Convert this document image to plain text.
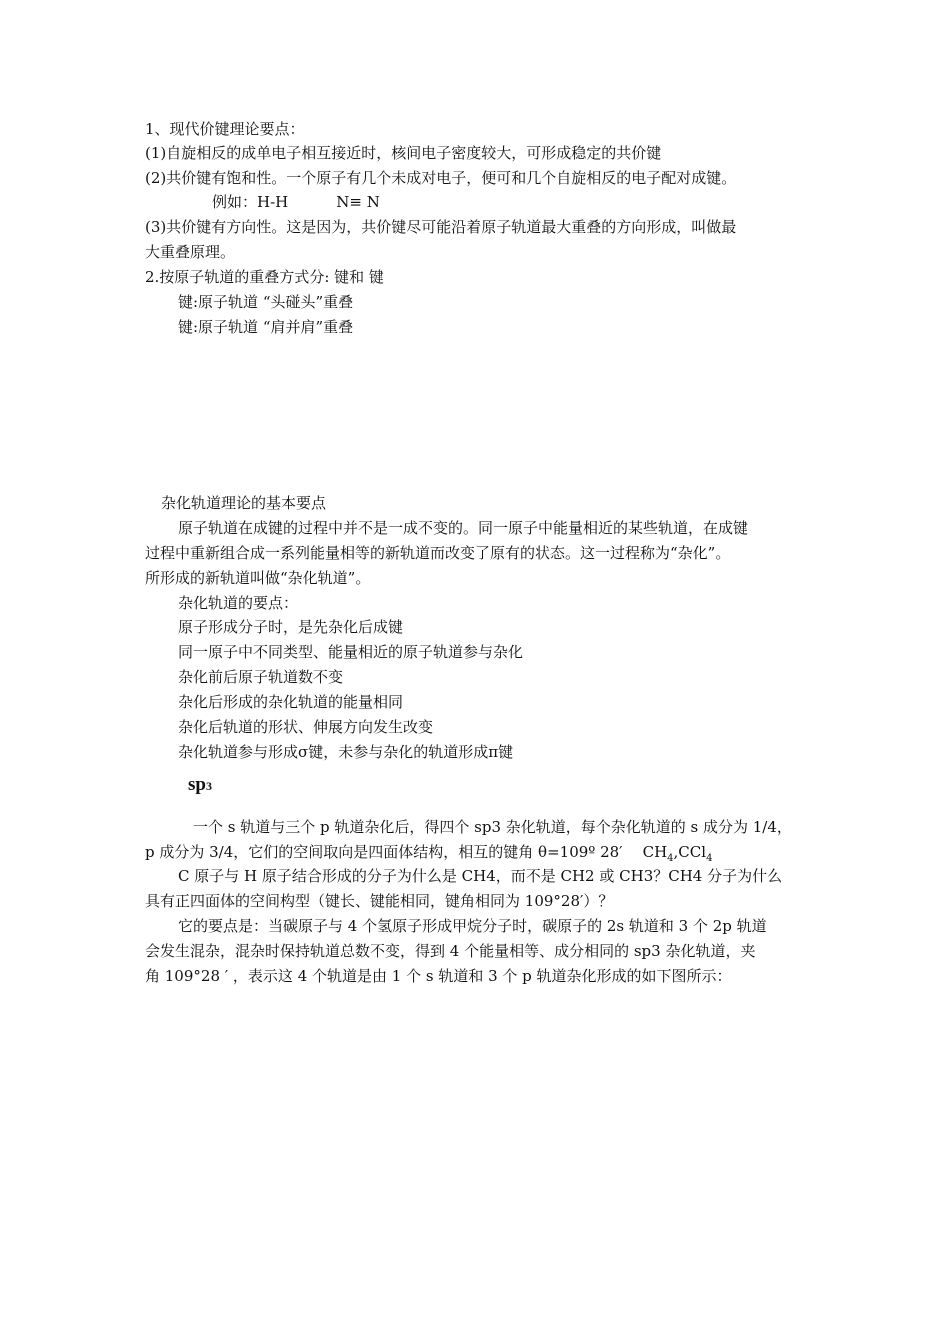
1、现代价键理论要点：
(1)自旋相反的成单电子相互接近时，核间电子密度较大，可形成稳定的共价键
(2)共价键有饱和性。一个原子有几个未成对电子，便可和几个自旋相反的电子配对成键。
例如：H-H	N≡ N
(3)共价键有方向性。这是因为，共价键尽可能沿着原子轨道最大重叠的方向形成，叫做最
大重叠原理。
2.按原子轨道的重叠方式分: 键和 键
键:原子轨道 “头碰头”重叠
键:原子轨道 “肩并肩”重叠
杂化轨道理论的基本要点
原子轨道在成键的过程中并不是一成不变的。同一原子中能量相近的某些轨道，在成键
过程中重新组合成一系列能量相等的新轨道而改变了原有的状态。这一过程称为“杂化”。
所形成的新轨道叫做“杂化轨道”。
杂化轨道的要点：
原子形成分子时，是先杂化后成键
同一原子中不同类型、能量相近的原子轨道参与杂化
杂化前后原子轨道数不变
杂化后形成的杂化轨道的能量相同
杂化后轨道的形状、伸展方向发生改变
杂化轨道参与形成σ键，未参与杂化的轨道形成π键
sp3
一个 s 轨道与三个 p 轨道杂化后，得四个 sp3 杂化轨道，每个杂化轨道的 s 成分为 1/4，
p 成分为 3/4，它们的空间取向是四面体结构，相互的键角 θ=109º 28′ $CH_4,CCl_4$
C 原子与 H 原子结合形成的分子为什么是 CH4，而不是 CH2 或 CH3？CH4 分子为什么
具有正四面体的空间构型（键长、键能相同，键角相同为 109°28′）？
它的要点是：当碳原子与 4 个氢原子形成甲烷分子时，碳原子的 2s 轨道和 3 个 2p 轨道
会发生混杂，混杂时保持轨道总数不变，得到 4 个能量相等、成分相同的 sp3 杂化轨道，夹
角 109°28 ′ ，表示这 4 个轨道是由 1 个 s 轨道和 3 个 p 轨道杂化形成的如下图所示：
